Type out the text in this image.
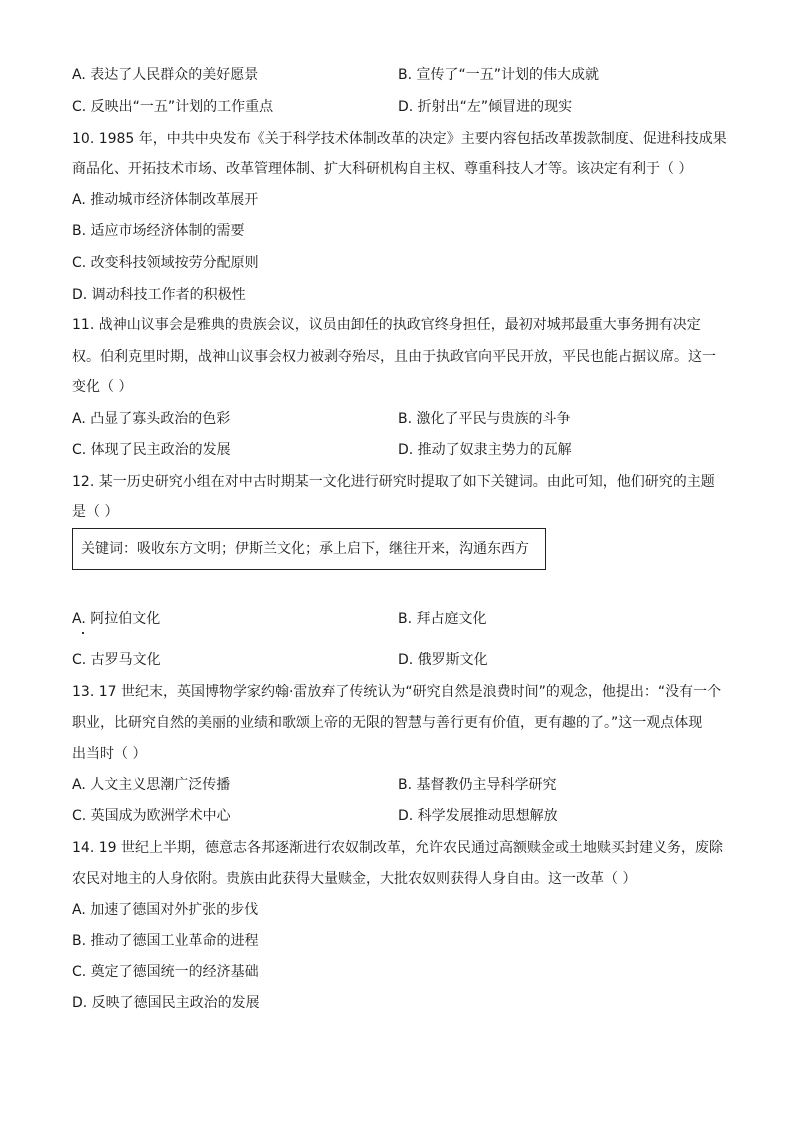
A. 表达了人民群众的美好愿景	B. 宣传了“一五”计划的伟大成就
C. 反映出“一五”计划的工作重点	D. 折射出“左”倾冒进的现实
10. 1985 年，中共中央发布《关于科学技术体制改革的决定》主要内容包括改革拨款制度、促进科技成果
商品化、开拓技术市场、改革管理体制、扩大科研机构自主权、尊重科技人才等。该决定有利于（ ）
A. 推动城市经济体制改革展开
B. 适应市场经济体制的需要
C. 改变科技领域按劳分配原则
D. 调动科技工作者的积极性
11. 战神山议事会是雅典的贵族会议，议员由卸任的执政官终身担任，最初对城邦最重大事务拥有决定
权。伯利克里时期，战神山议事会权力被剥夺殆尽，且由于执政官向平民开放，平民也能占据议席。这一
变化（ ）
A. 凸显了寡头政治的色彩	B. 激化了平民与贵族的斗争
C. 体现了民主政治的发展	D. 推动了奴隶主势力的瓦解
12. 某一历史研究小组在对中古时期某一文化进行研究时提取了如下关键词。由此可知，他们研究的主题
是（ ）
关键词：吸收东方文明；伊斯兰文化；承上启下，继往开来，沟通东西方
A. 阿拉伯文化	B. 拜占庭文化
C. 古罗马文化	D. 俄罗斯文化
13. 17 世纪末，英国博物学家约翰·雷放弃了传统认为“研究自然是浪费时间”的观念，他提出：“没有一个
职业，比研究自然的美丽的业绩和歌颂上帝的无限的智慧与善行更有价值，更有趣的了。”这一观点体现
出当时（ ）
A. 人文主义思潮广泛传播	B. 基督教仍主导科学研究
C. 英国成为欧洲学术中心	D. 科学发展推动思想解放
14. 19 世纪上半期，德意志各邦逐渐进行农奴制改革，允许农民通过高额赎金或土地赎买封建义务，废除
农民对地主的人身依附。贵族由此获得大量赎金，大批农奴则获得人身自由。这一改革（ ）
A. 加速了德国对外扩张的步伐
B. 推动了德国工业革命的进程
C. 奠定了德国统一的经济基础
D. 反映了德国民主政治的发展
